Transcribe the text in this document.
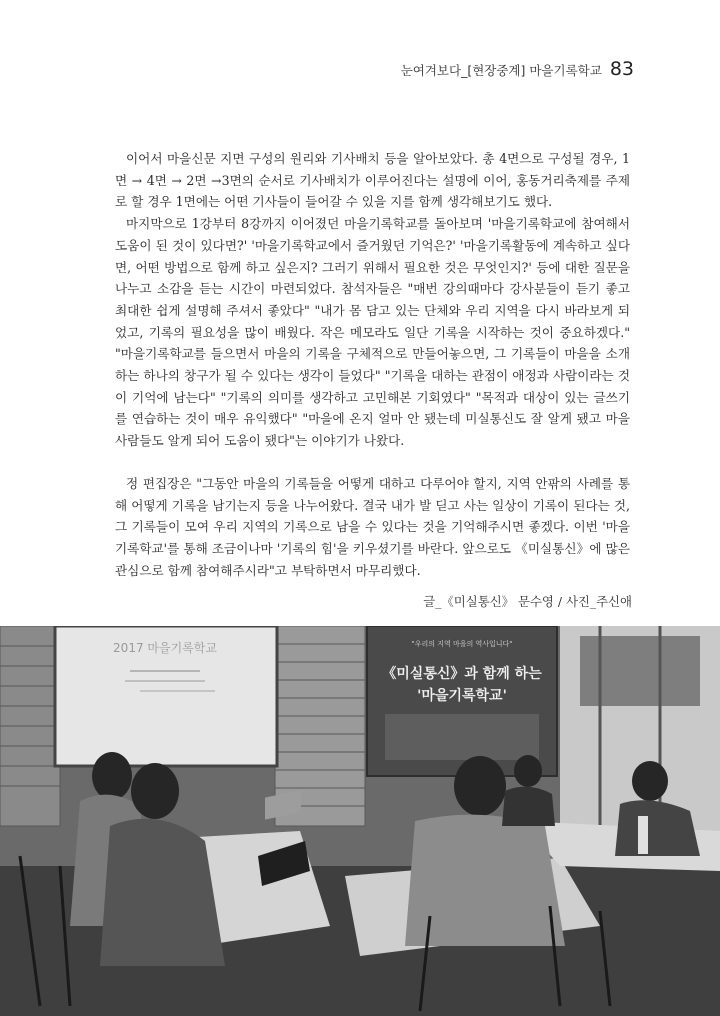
눈여겨보다_[현장중계] 마을기록학교 83

이어서 마을신문 지면 구성의 원리와 기사배치 등을 알아보았다. 총 4면으로 구성될 경우, 1면 → 4면 → 2면 →3면의 순서로 기사배치가 이루어진다는 설명에 이어, 홍동거리축제를 주제로 할 경우 1면에는 어떤 기사들이 들어갈 수 있을 지를 함께 생각해보기도 했다.

마지막으로 1강부터 8강까지 이어졌던 마을기록학교를 돌아보며 '마을기록학교에 참여해서 도움이 된 것이 있다면?' '마을기록학교에서 즐거웠던 기억은?' '마을기록활동에 계속하고 싶다면, 어떤 방법으로 함께 하고 싶은지? 그러기 위해서 필요한 것은 무엇인지?' 등에 대한 질문을 나누고 소감을 듣는 시간이 마련되었다. 참석자들은 "매번 강의때마다 강사분들이 듣기 좋고 최대한 쉽게 설명해 주셔서 좋았다" "내가 몸 담고 있는 단체와 우리 지역을 다시 바라보게 되었고, 기록의 필요성을 많이 배웠다. 작은 메모라도 일단 기록을 시작하는 것이 중요하겠다." "마을기록학교를 들으면서 마을의 기록을 구체적으로 만들어놓으면, 그 기록들이 마을을 소개하는 하나의 창구가 될 수 있다는 생각이 들었다" "기록을 대하는 관점이 애정과 사람이라는 것이 기억에 남는다" "기록의 의미를 생각하고 고민해본 기회였다" "목적과 대상이 있는 글쓰기를 연습하는 것이 매우 유익했다" "마을에 온지 얼마 안 됐는데 미실통신도 잘 알게 됐고 마을 사람들도 알게 되어 도움이 됐다"는 이야기가 나왔다.

정 편집장은 "그동안 마을의 기록들을 어떻게 대하고 다루어야 할지, 지역 안팎의 사례를 통해 어떻게 기록을 남기는지 등을 나누어왔다. 결국 내가 발 딛고 사는 일상이 기록이 된다는 것, 그 기록들이 모여 우리 지역의 기록으로 남을 수 있다는 것을 기억해주시면 좋겠다. 이번 '마을기록학교'를 통해 조금이나마 '기록의 힘'을 키우셨기를 바란다. 앞으로도 《미실통신》에 많은 관심으로 함께 참여해주시라"고 부탁하면서 마무리했다.

글_《미실통신》 문수영 / 사진_주신애
2017 마을기록학교	"우리의 지역 마을의 역사입니다"
《미실통신》과 함께 하는
'마을기록학교'
